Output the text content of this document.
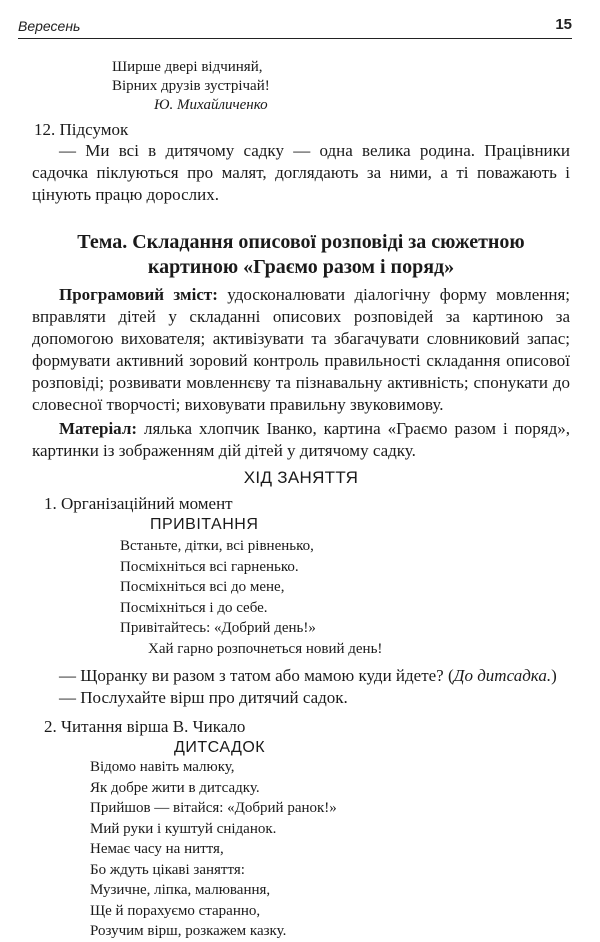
Вересень	15
Ширше двері відчиняй,
Вірних друзів зустрічай!
Ю. Михайличенко
12. Підсумок
— Ми всі в дитячому садку — одна велика родина. Працівники садочка піклуються про малят, доглядають за ними, а ті поважають і цінують працю дорослих.
Тема. Складання описової розповіді за сюжетною
картиною «Граємо разом і поряд»
Програмовий зміст: удосконалювати діалогічну форму мовлення; вправляти дітей у складанні описових розповідей за картиною за допомогою вихователя; активізувати та збагачувати словниковий запас; формувати активний зоровий контроль правильності складання описової розповіді; розвивати мовленнєву та пізнавальну активність; спонукати до словесної творчості; виховувати правильну звуковимову.
Матеріал: лялька хлопчик Іванко, картина «Граємо разом і поряд», картинки із зображенням дій дітей у дитячому садку.
ХІД ЗАНЯТТЯ
1. Організаційний момент
ПРИВІТАННЯ
Встаньте, дітки, всі рівненько,
Посміхніться всі гарненько.
Посміхніться всі до мене,
Посміхніться і до себе.
Привітайтесь: «Добрий день!»
Хай гарно розпочнеться новий день!
— Щоранку ви разом з татом або мамою куди йдете? (До дитсадка.)
— Послухайте вірш про дитячий садок.
2. Читання вірша В. Чикало
ДИТСАДОК
Відомо навіть малюку,
Як добре жити в дитсадку.
Прийшов — вітайся: «Добрий ранок!»
Мий руки і куштуй сніданок.
Немає часу на ниття,
Бо ждуть цікаві заняття:
Музичне, ліпка, малювання,
Ще й порахуємо старанно,
Розучим вірш, розкажем казку.
